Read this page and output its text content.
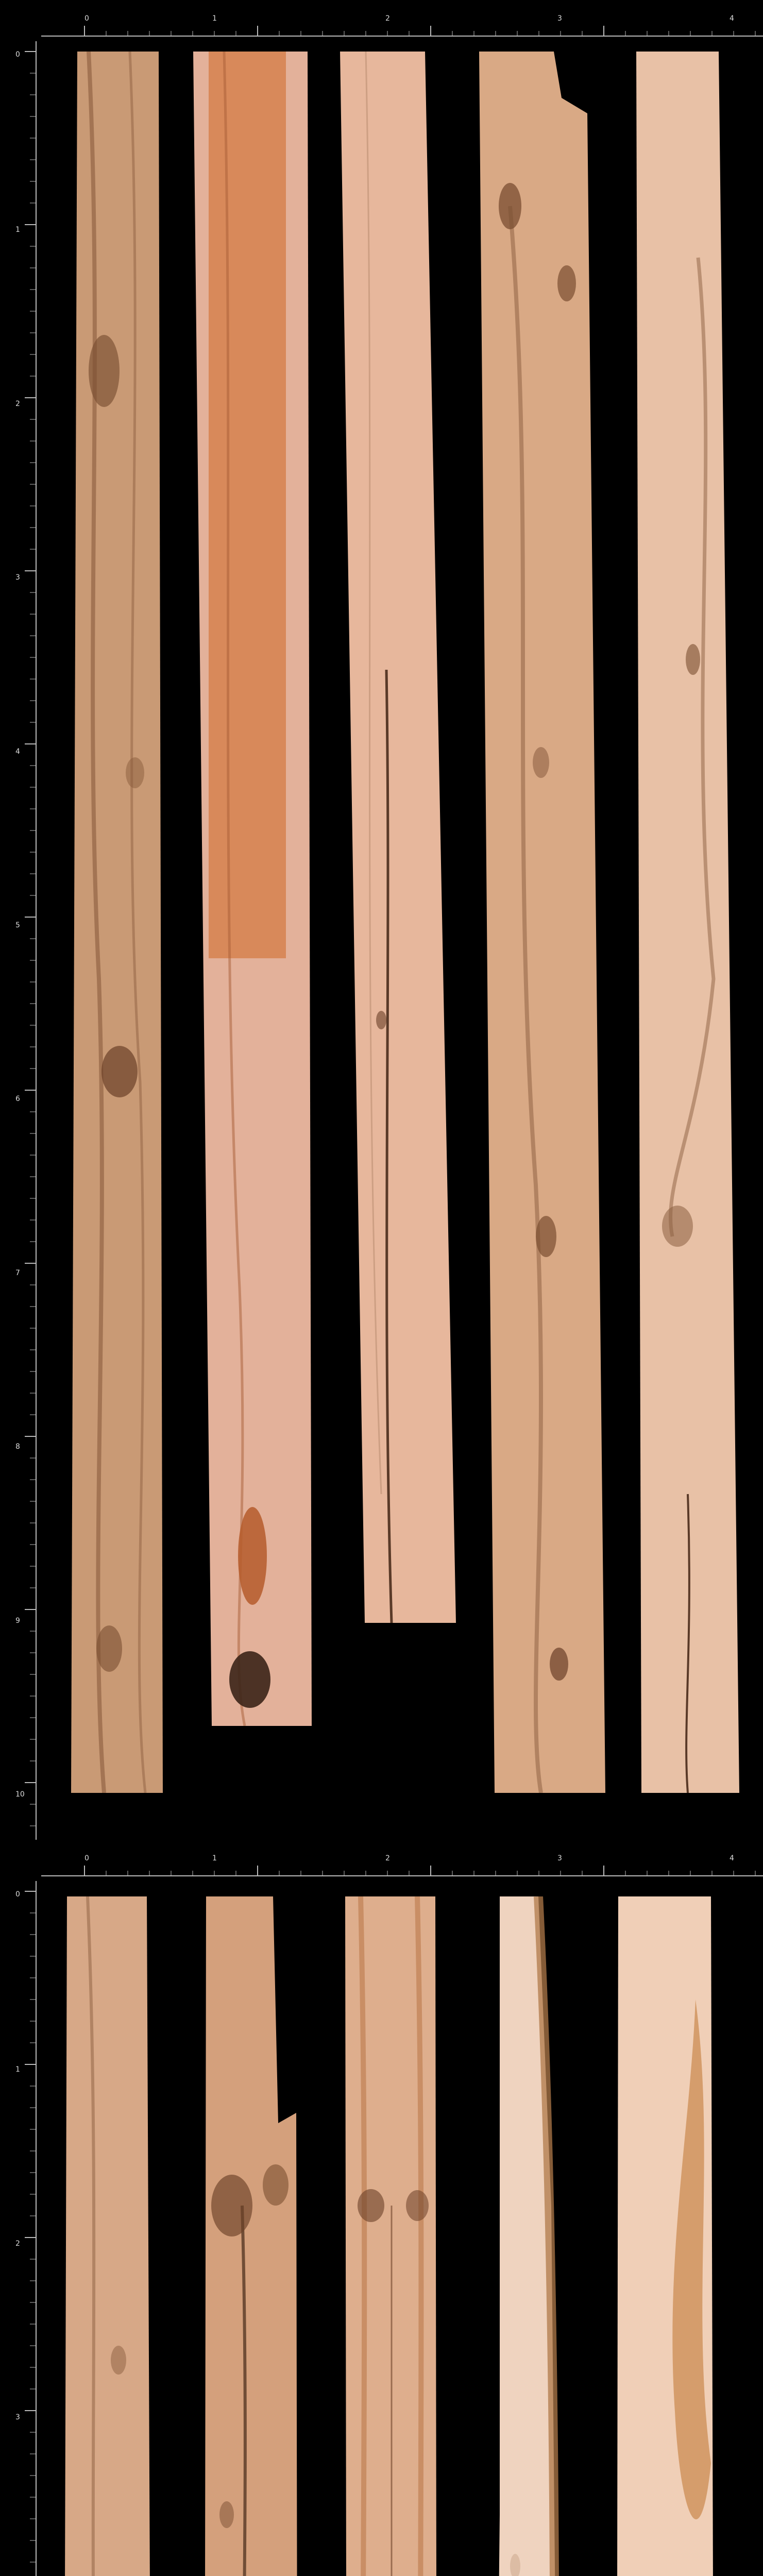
0	1	2	3	4
0
1
2
3
4
5
6
7
8
9
10
0	1	2	3	4
0
1
2
3
